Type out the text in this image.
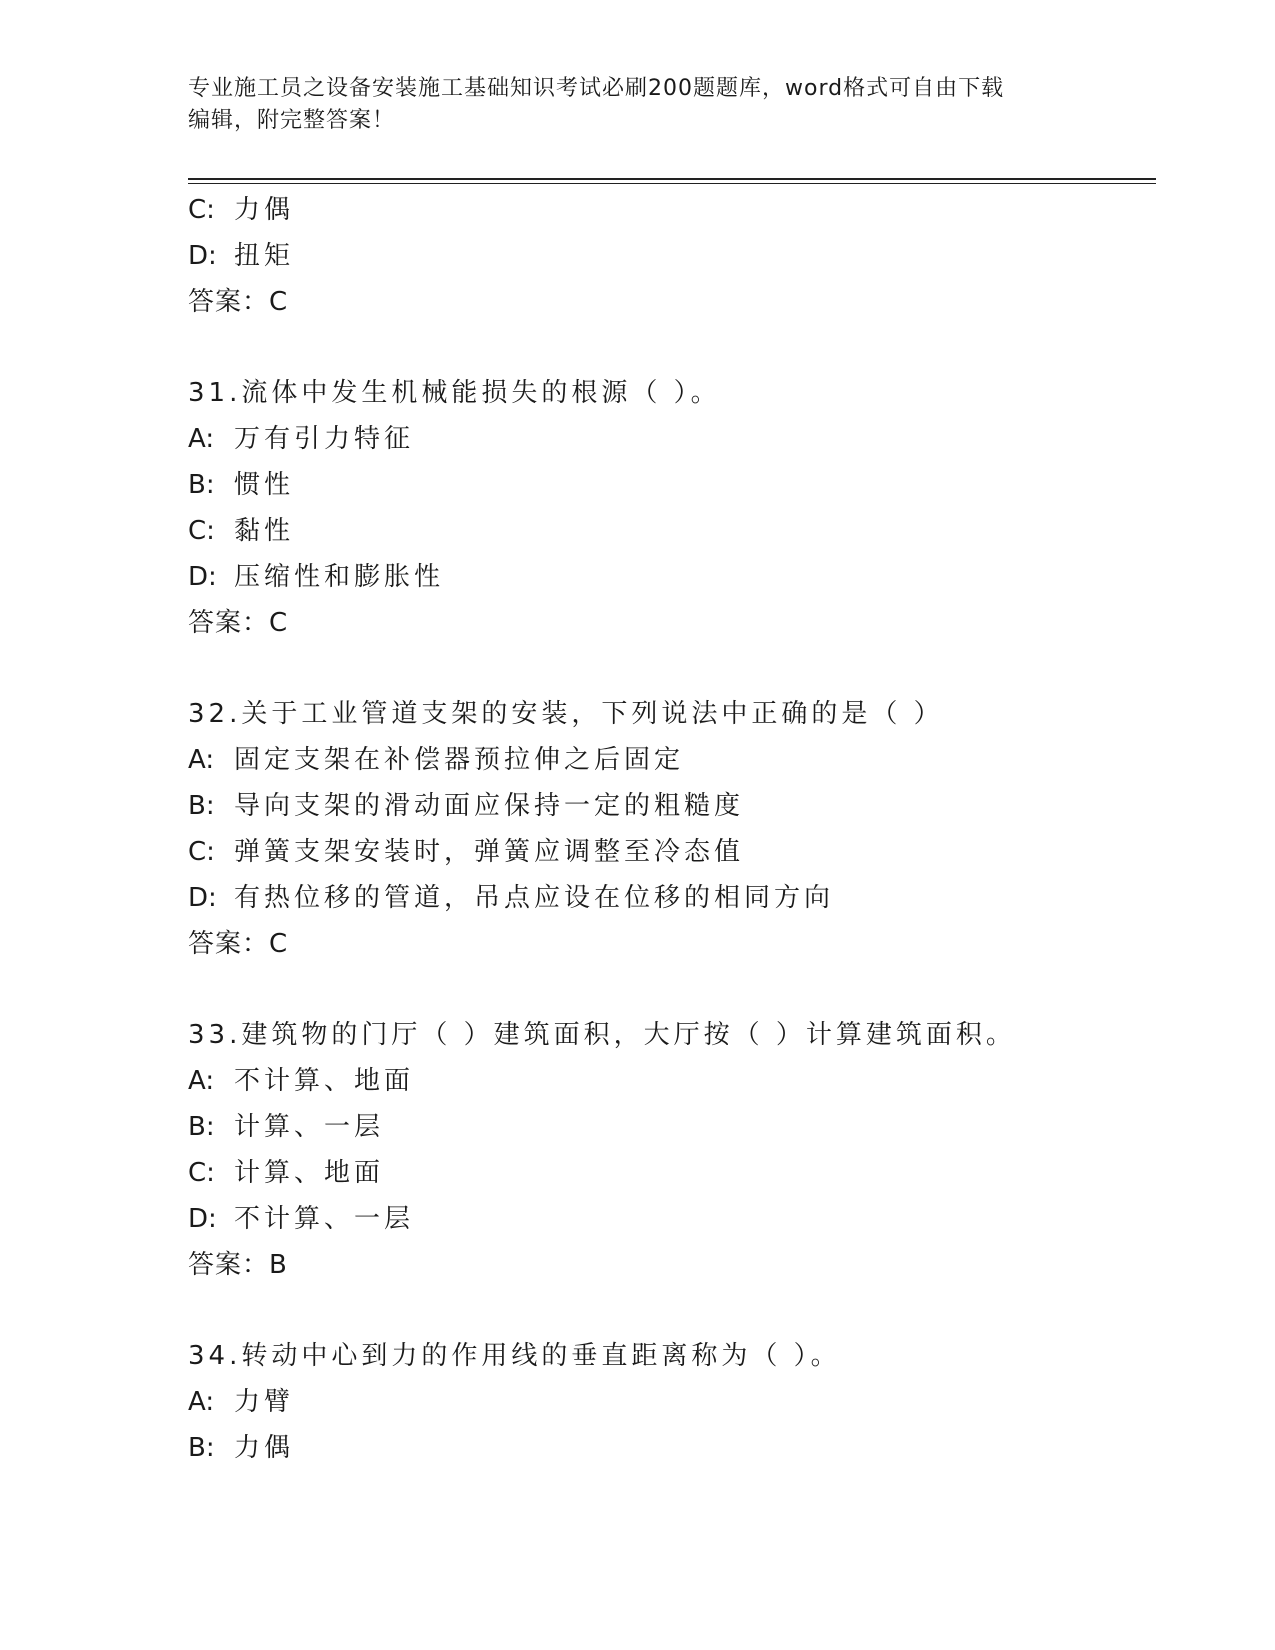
专业施工员之设备安装施工基础知识考试必刷200题题库，word格式可自由下载
编辑，附完整答案！
C: 力偶
D: 扭矩
答案：C
31.流体中发生机械能损失的根源（ ）。
A: 万有引力特征
B: 惯性
C: 黏性
D: 压缩性和膨胀性
答案：C
32.关于工业管道支架的安装，下列说法中正确的是（ ）
A: 固定支架在补偿器预拉伸之后固定
B: 导向支架的滑动面应保持一定的粗糙度
C: 弹簧支架安装时，弹簧应调整至冷态值
D: 有热位移的管道，吊点应设在位移的相同方向
答案：C
33.建筑物的门厅（ ）建筑面积，大厅按（ ）计算建筑面积。
A: 不计算、地面
B: 计算、一层
C: 计算、地面
D: 不计算、一层
答案：B
34.转动中心到力的作用线的垂直距离称为（ ）。
A: 力臂
B: 力偶
